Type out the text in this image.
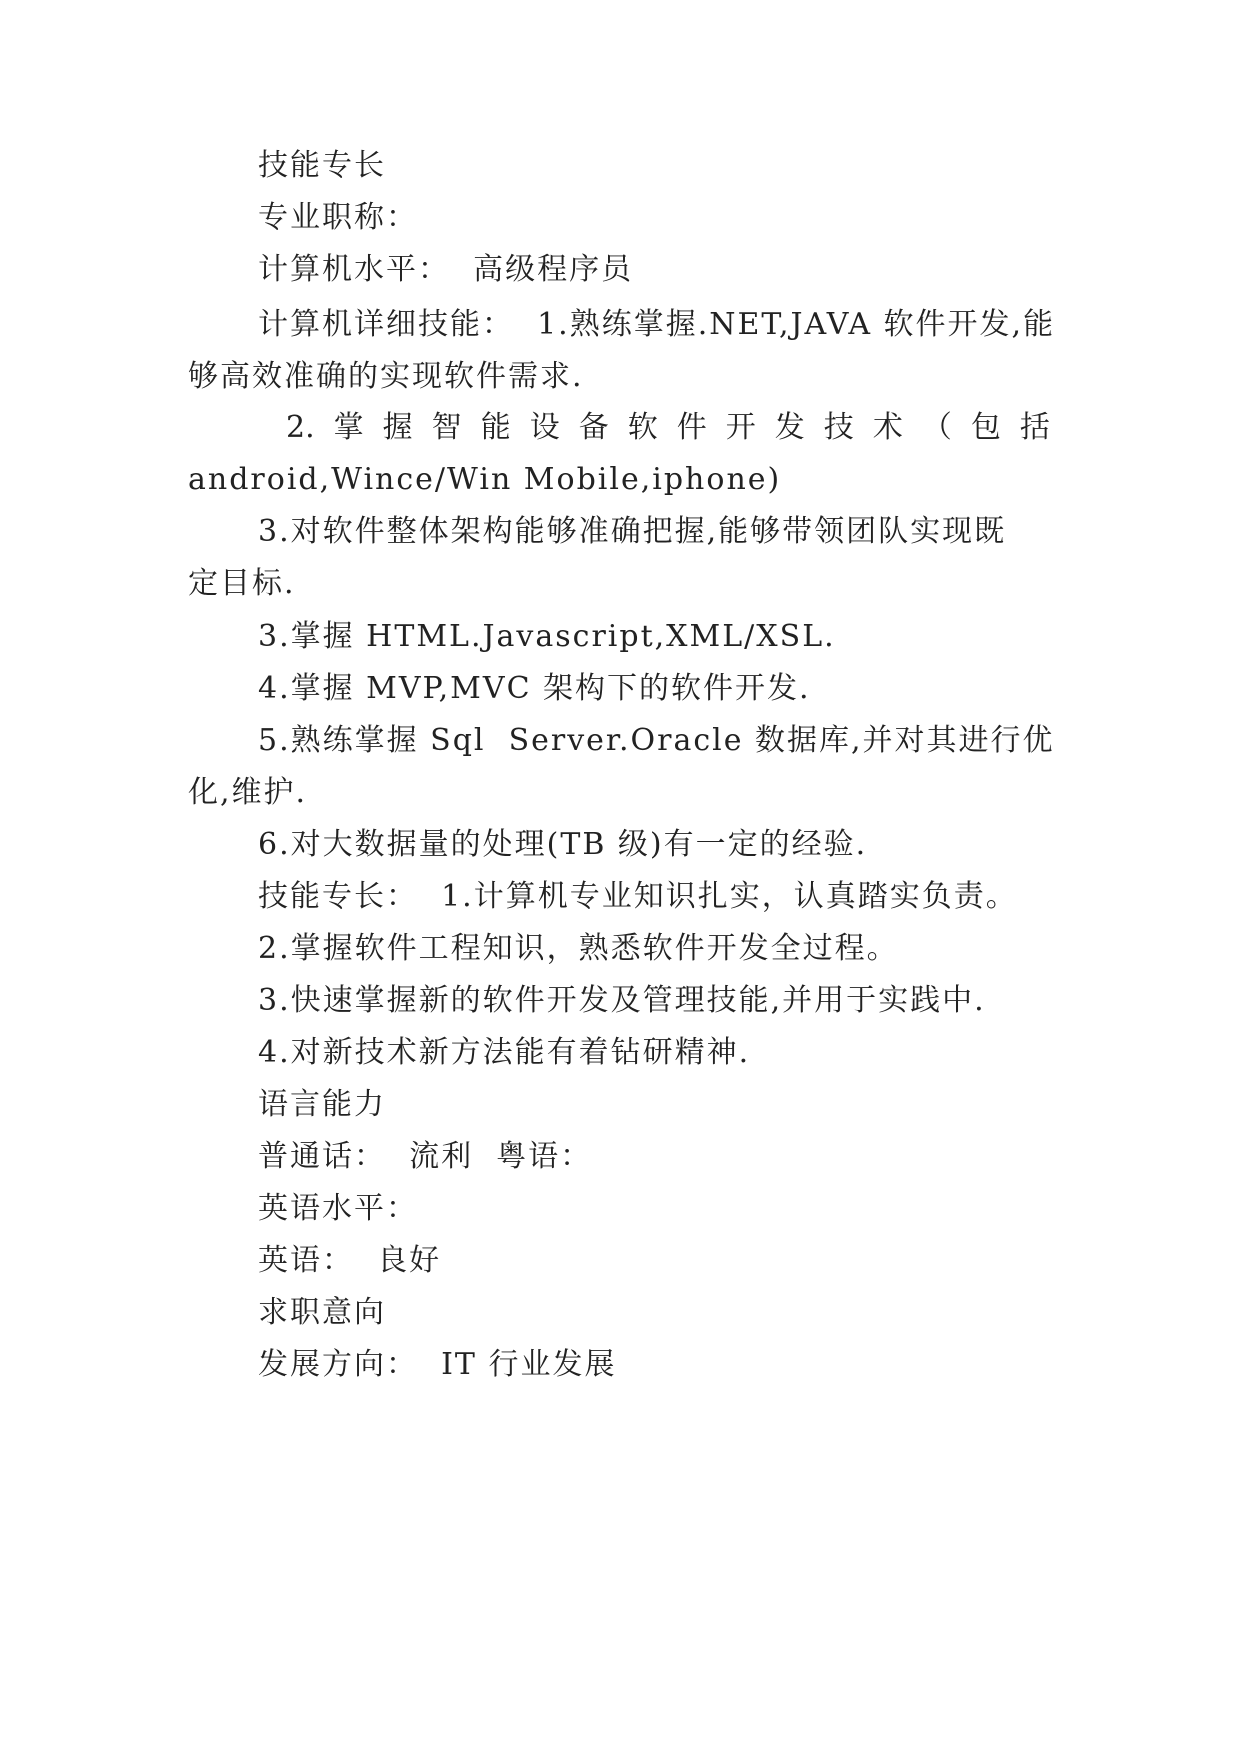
技能专长
专业职称：
计算机水平：  高级程序员
计算机详细技能：  1.熟练掌握.NET,JAVA 软件开发,能
够高效准确的实现软件需求.
2. 掌 握 智 能 设 备 软 件 开 发 技 术 （ 包 括
android,Wince/Win Mobile,iphone)
3.对软件整体架构能够准确把握,能够带领团队实现既
定目标.
3.掌握 HTML.Javascript,XML/XSL.
4.掌握 MVP,MVC 架构下的软件开发.
5.熟练掌握 Sql  Server.Oracle 数据库,并对其进行优
化,维护.
6.对大数据量的处理(TB 级)有一定的经验.
技能专长：  1.计算机专业知识扎实，认真踏实负责。
2.掌握软件工程知识，熟悉软件开发全过程。
3.快速掌握新的软件开发及管理技能,并用于实践中.
4.对新技术新方法能有着钻研精神.
语言能力
普通话：  流利  粤语：
英语水平：
英语：  良好
求职意向
发展方向：  IT 行业发展
